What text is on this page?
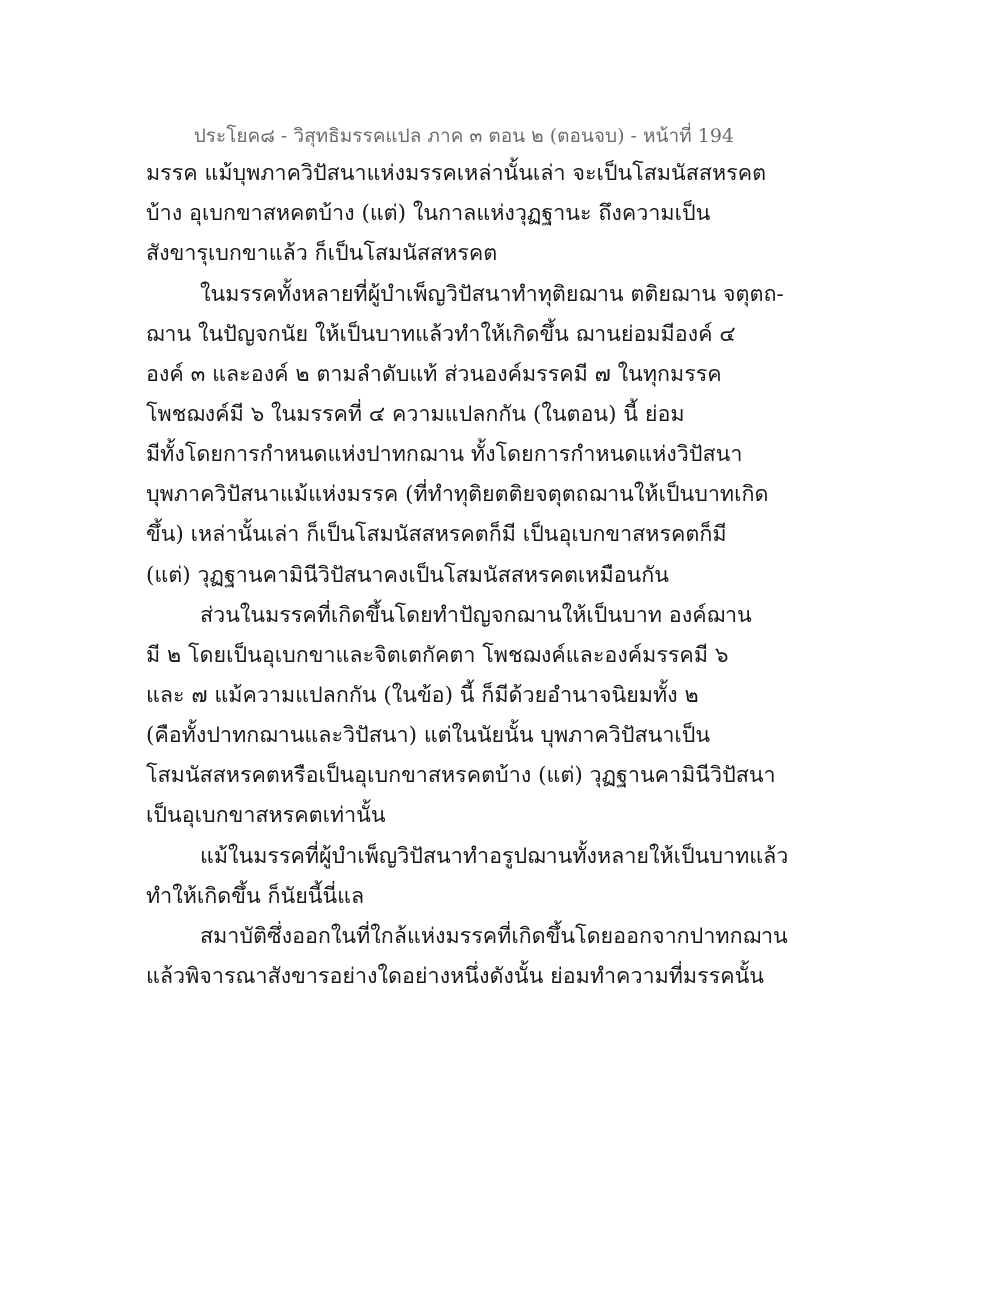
ประโยค๘ - วิสุทธิมรรคแปล ภาค ๓ ตอน ๒ (ตอนจบ) - หน้าที่ 194
มรรค แม้บุพภาควิปัสนาแห่งมรรคเหล่านั้นเล่า จะเป็นโสมนัสสหรคต
บ้าง อุเบกขาสหคตบ้าง (แต่) ในกาลแห่งวุฏฐานะ ถึงความเป็น
สังขารุเบกขาแล้ว ก็เป็นโสมนัสสหรคต
ในมรรคทั้งหลายที่ผู้บำเพ็ญวิปัสนาทำทุติยฌาน ตติยฌาน จตุตถ-
ฌาน ในปัญจกนัย ให้เป็นบาทแล้วทำให้เกิดขึ้น ฌานย่อมมีองค์ ๔
องค์ ๓ และองค์ ๒ ตามลำดับแท้ ส่วนองค์มรรคมี ๗ ในทุกมรรค
โพชฌงค์มี ๖ ในมรรคที่ ๔ ความแปลกกัน (ในตอน) นี้ ย่อม
มีทั้งโดยการกำหนดแห่งปาทกฌาน ทั้งโดยการกำหนดแห่งวิปัสนา
บุพภาควิปัสนาแม้แห่งมรรค (ที่ทำทุติยตติยจตุตถฌานให้เป็นบาทเกิด
ขึ้น) เหล่านั้นเล่า ก็เป็นโสมนัสสหรคตก็มี เป็นอุเบกขาสหรคตก็มี
(แต่) วุฏฐานคามินีวิปัสนาคงเป็นโสมนัสสหรคตเหมือนกัน
ส่วนในมรรคที่เกิดขึ้นโดยทำปัญจกฌานให้เป็นบาท องค์ฌาน
มี ๒ โดยเป็นอุเบกขาและจิตเตกัคตา โพชฌงค์และองค์มรรคมี ๖
และ ๗ แม้ความแปลกกัน (ในข้อ) นี้ ก็มีด้วยอำนาจนิยมทั้ง ๒
(คือทั้งปาทกฌานและวิปัสนา) แต่ในนัยนั้น บุพภาควิปัสนาเป็น
โสมนัสสหรคตหรือเป็นอุเบกขาสหรคตบ้าง (แต่) วุฏฐานคามินีวิปัสนา
เป็นอุเบกขาสหรคตเท่านั้น
แม้ในมรรคที่ผู้บำเพ็ญวิปัสนาทำอรูปฌานทั้งหลายให้เป็นบาทแล้ว
ทำให้เกิดขึ้น ก็นัยนี้นี่แล
สมาบัติซึ่งออกในที่ใกล้แห่งมรรคที่เกิดขึ้นโดยออกจากปาทกฌาน
แล้วพิจารณาสังขารอย่างใดอย่างหนึ่งดังนั้น ย่อมทำความที่มรรคนั้น
